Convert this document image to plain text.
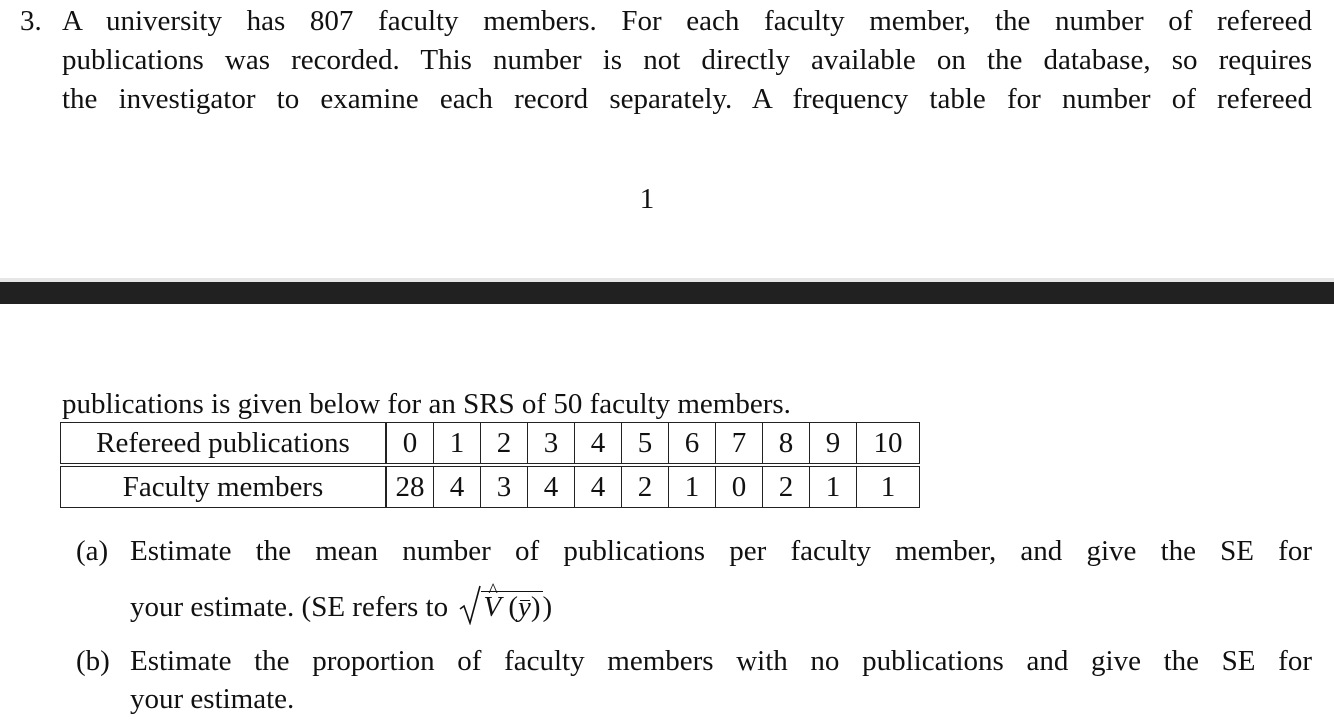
3. A university has 807 faculty members. For each faculty member, the number of refereed
publications was recorded. This number is not directly available on the database, so requires
the investigator to examine each record separately. A frequency table for number of refereed
1
publications is given below for an SRS of 50 faculty members.
Refereed publications	0	1	2	3	4	5	6	7	8	9	10
Faculty members	28	4	3	4	4	2	1	0	2	1	1
(a) Estimate the mean number of publications per faculty member, and give the SE for
your estimate. (SE refers to ^ V (y))
(b) Estimate the proportion of faculty members with no publications and give the SE for
your estimate.
